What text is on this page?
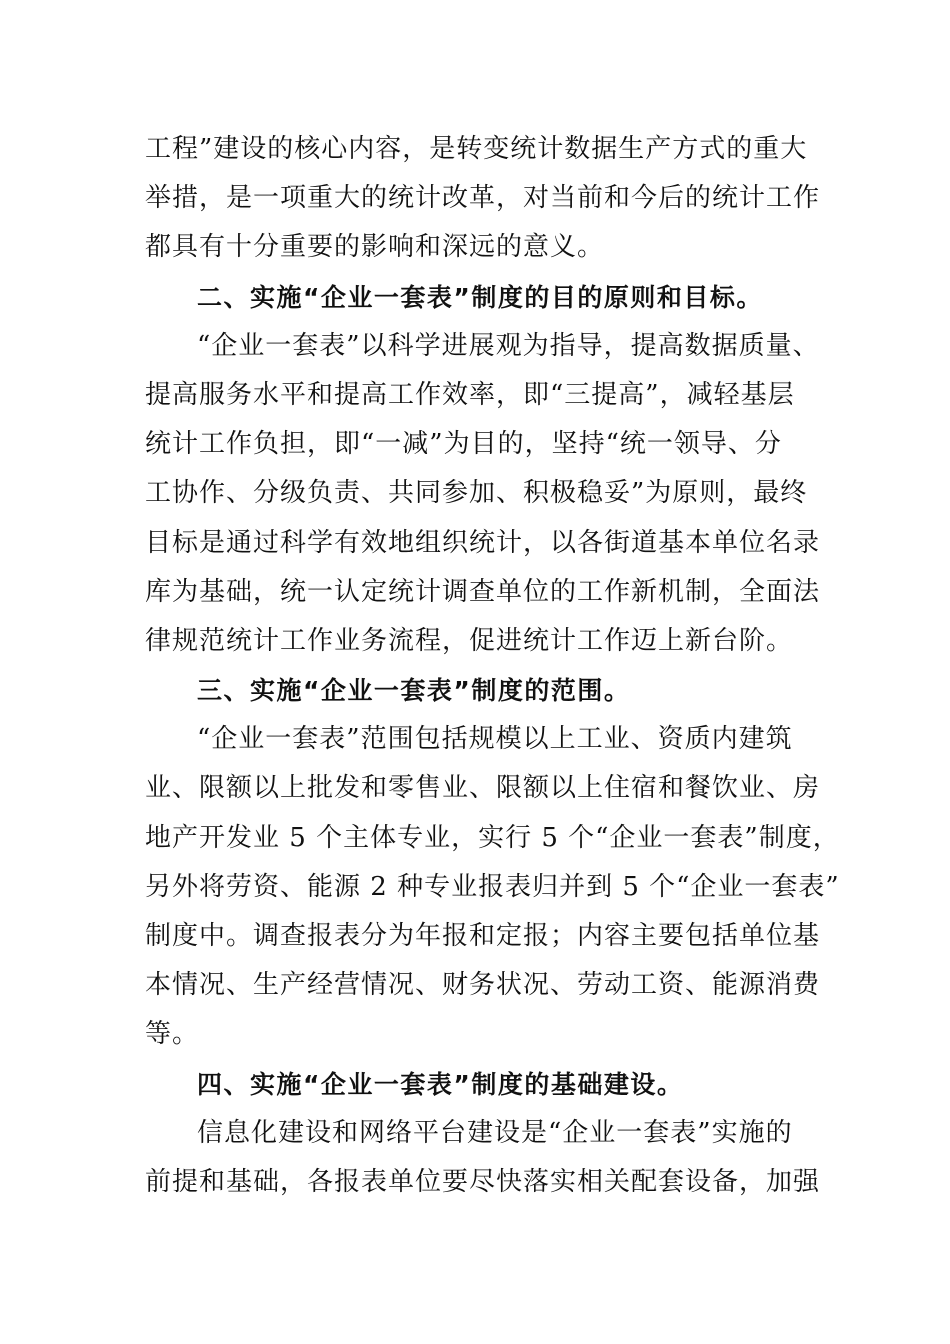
工程”建设的核心内容，是转变统计数据生产方式的重大
举措，是一项重大的统计改革，对当前和今后的统计工作
都具有十分重要的影响和深远的意义。
二、实施“企业一套表”制度的目的原则和目标。
“企业一套表”以科学进展观为指导，提高数据质量、
提高服务水平和提高工作效率，即“三提高”，减轻基层
统计工作负担，即“一减”为目的，坚持“统一领导、分
工协作、分级负责、共同参加、积极稳妥”为原则，最终
目标是通过科学有效地组织统计，以各街道基本单位名录
库为基础，统一认定统计调查单位的工作新机制，全面法
律规范统计工作业务流程，促进统计工作迈上新台阶。
三、实施“企业一套表”制度的范围。
“企业一套表”范围包括规模以上工业、资质内建筑
业、限额以上批发和零售业、限额以上住宿和餐饮业、房
地产开发业 5 个主体专业，实行 5 个“企业一套表”制度，
另外将劳资、能源 2 种专业报表归并到 5 个“企业一套表”
制度中。调查报表分为年报和定报；内容主要包括单位基
本情况、生产经营情况、财务状况、劳动工资、能源消费
等。
四、实施“企业一套表”制度的基础建设。
信息化建设和网络平台建设是“企业一套表”实施的
前提和基础，各报表单位要尽快落实相关配套设备，加强
